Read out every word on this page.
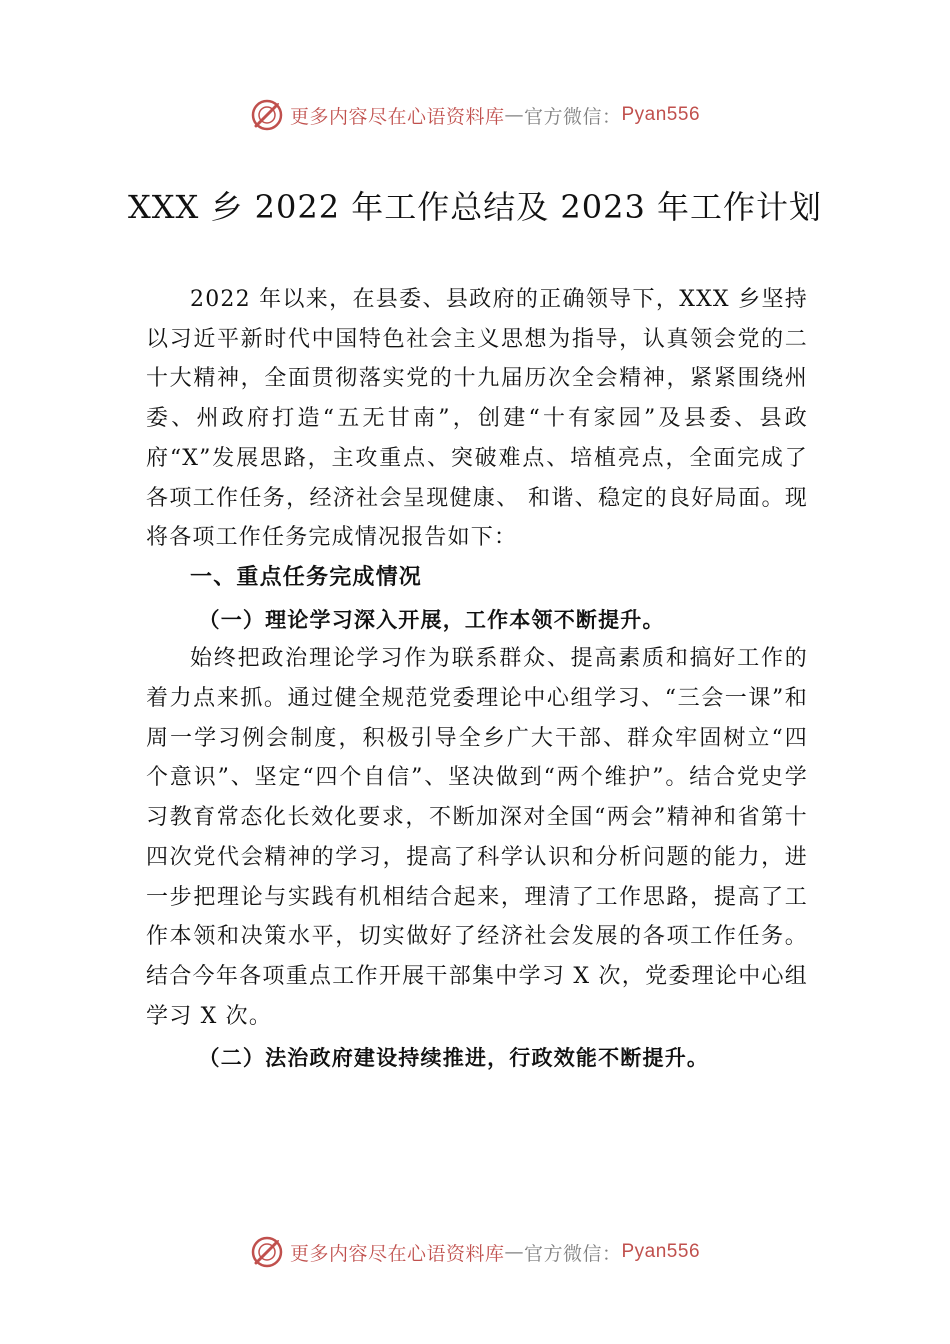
更多内容尽在心语资料库 — 官方微信： Pyan556
XXX 乡 2022 年工作总结及 2023 年工作计划

2022 年以来，在县委、县政府的正确领导下，XXX 乡坚持以习近平新时代中国特色社会主义思想为指导，认真领会党的二十大精神，全面贯彻落实党的十九届历次全会精神，紧紧围绕州委、州政府打造“五无甘南”，创建“十有家园”及县委、县政府“X”发展思路，主攻重点、突破难点、培植亮点，全面完成了各项工作任务，经济社会呈现健康、 和谐、稳定的良好局面。现将各项工作任务完成情况报告如下：

一、重点任务完成情况

（一）理论学习深入开展，工作本领不断提升。

始终把政治理论学习作为联系群众、提高素质和搞好工作的着力点来抓。通过健全规范党委理论中心组学习、“三会一课”和周一学习例会制度，积极引导全乡广大干部、群众牢固树立“四个意识”、坚定“四个自信”、坚决做到“两个维护”。结合党史学习教育常态化长效化要求，不断加深对全国“两会”精神和省第十四次党代会精神的学习，提高了科学认识和分析问题的能力，进一步把理论与实践有机相结合起来，理清了工作思路，提高了工作本领和决策水平，切实做好了经济社会发展的各项工作任务。结合今年各项重点工作开展干部集中学习 X 次，党委理论中心组学习 X 次。

（二）法治政府建设持续推进，行政效能不断提升。

更多内容尽在心语资料库 — 官方微信： Pyan556
